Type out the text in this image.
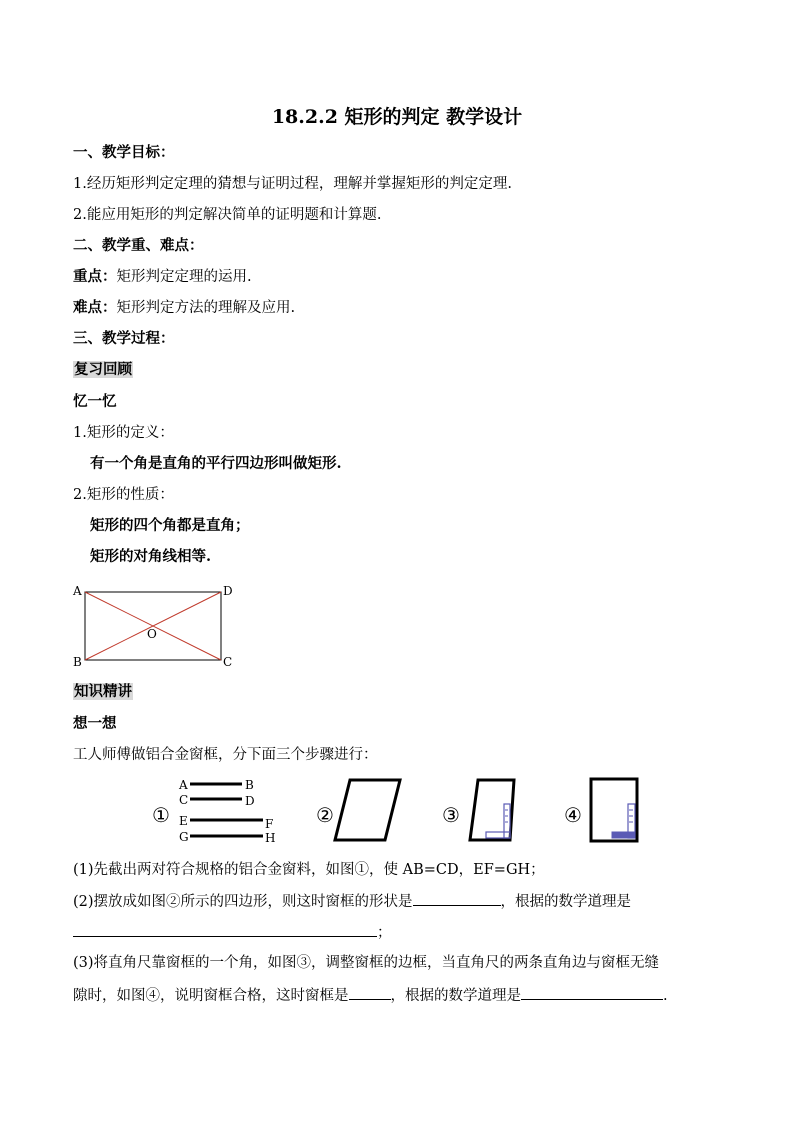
18.2.2 矩形的判定 教学设计
一、教学目标：
1.经历矩形判定定理的猜想与证明过程，理解并掌握矩形的判定定理.
2.能应用矩形的判定解决简单的证明题和计算题.
二、教学重、难点：
重点：矩形判定定理的运用.
难点：矩形判定方法的理解及应用.
三、教学过程：
复习回顾
忆一忆
1.矩形的定义：
有一个角是直角的平行四边形叫做矩形.
2.矩形的性质：
矩形的四个角都是直角；
矩形的对角线相等.
A	D
B	C
O
知识精讲
想一想
工人师傅做铝合金窗框，分下面三个步骤进行：
①
A
C
E
G
B
D
F
H
②	③	④
(1)先截出两对符合规格的铝合金窗料，如图①，使 AB=CD，EF=GH；
(2)摆放成如图②所示的四边形，则这时窗框的形状是	，根据的数学道理是
；
(3)将直角尺靠窗框的一个角，如图③，调整窗框的边框，当直角尺的两条直角边与窗框无缝
隙时，如图④，说明窗框合格，这时窗框是	，根据的数学道理是	.
